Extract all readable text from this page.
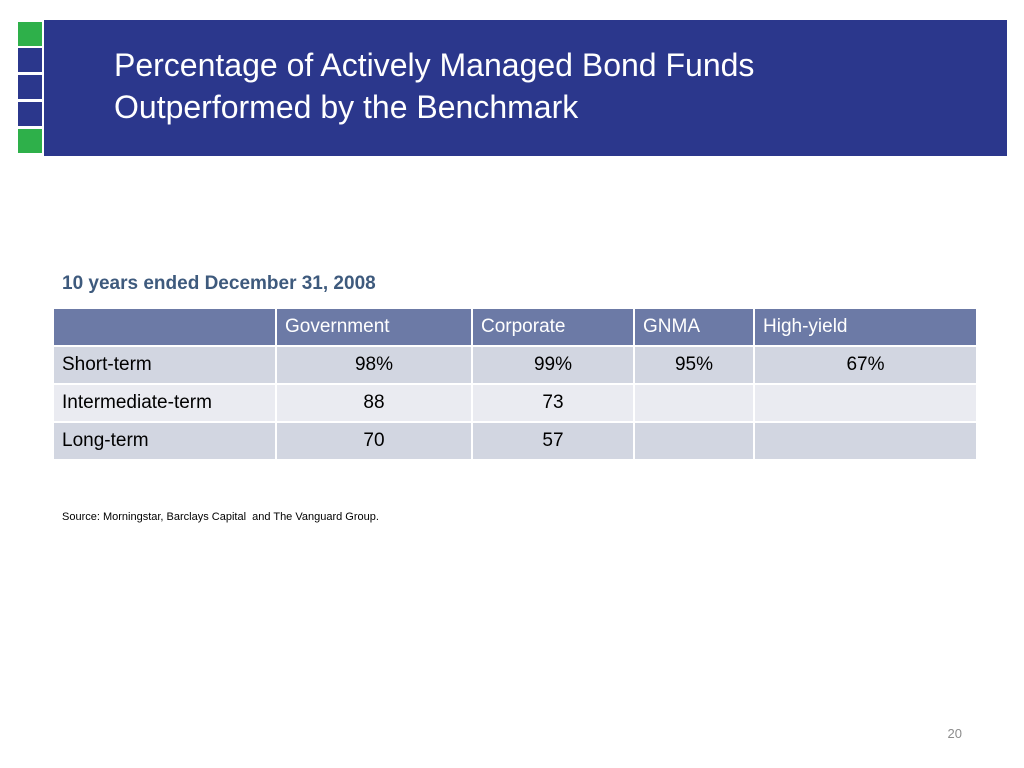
Percentage of Actively Managed Bond Funds
Outperformed by the Benchmark
10 years ended December 31, 2008
	Government	Corporate	GNMA	High-yield
Short-term	98%	99%	95%	67%
Intermediate-term	88	73		
Long-term	70	57		
Source: Morningstar, Barclays Capital  and The Vanguard Group.
20
